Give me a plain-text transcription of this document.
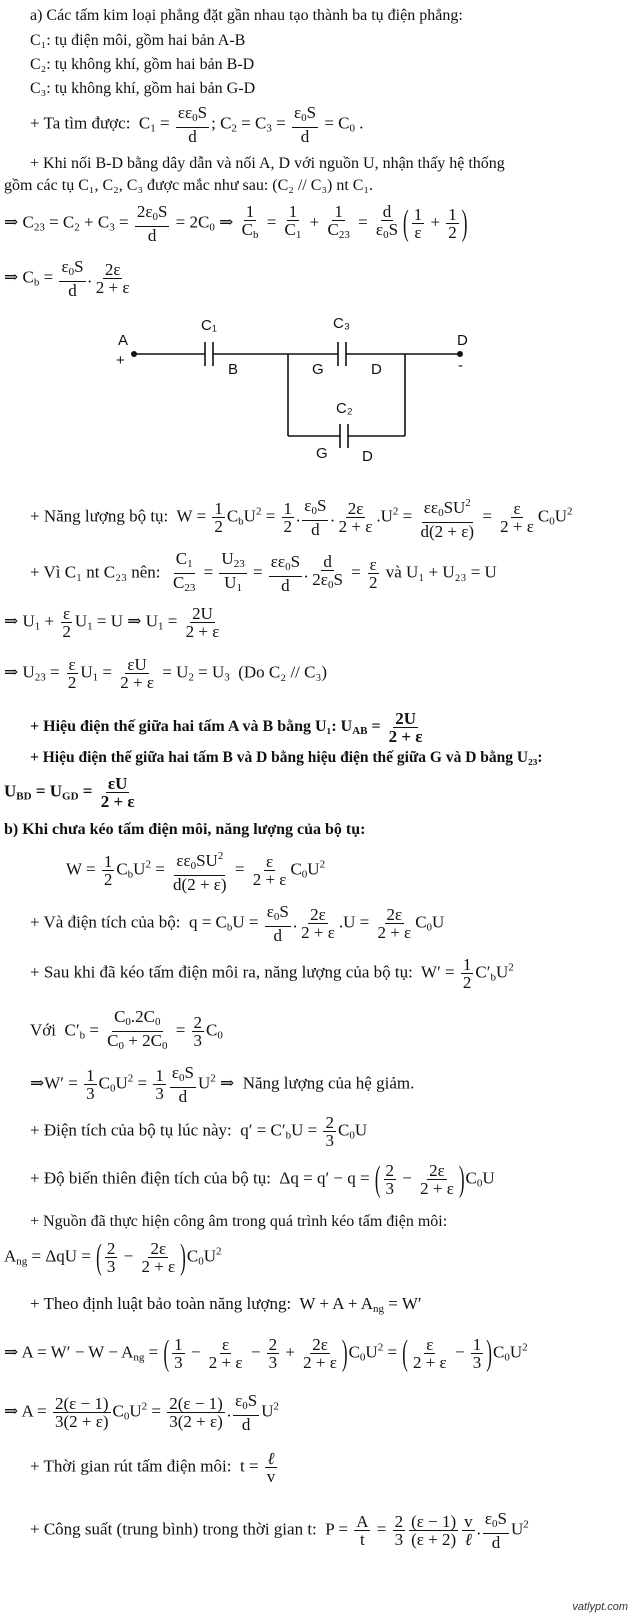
a) Các tấm kim loại phẳng đặt gần nhau tạo thành ba tụ điện phẳng:
C₁: tụ điện môi, gồm hai bản A-B
C₂: tụ không khí, gồm hai bản B-D
C₃: tụ không khí, gồm hai bản G-D
+ Ta tìm được:  $C_1 = \frac{\varepsilon\varepsilon_0S}{d}$ ; $C_2 = C_3 = \frac{\varepsilon_0S}{d} = C_0$ .
+ Khi nối B-D bằng dây dẫn và nối A, D với nguồn U, nhận thấy hệ thống
gồm các tụ C₁, C₂, C₃ được mắc như sau: (C₂ // C₃) nt C₁.
⇒ $C_{23} = C_2 + C_3 = \frac{2\varepsilon_0S}{d} = 2C_0$ ⇒ $\frac{1}{C_b} = \frac{1}{C_1} + \frac{1}{C_{23}} = \frac{d}{\varepsilon_0S}$ ( $\frac{1}{\varepsilon} + \frac{1}{2}$ )
⇒ $C_b = \frac{\varepsilon_0S}{d}$ . $\frac{2\varepsilon}{2 + \varepsilon}$
A
+
C₁
B
C₃
G	D
D
-
C₂
G D
+ Năng lượng bộ tụ:  $W = \frac{1}{2} C_bU^2 = \frac{1}{2}$ . $\frac{\varepsilon_0S}{d}$ . $\frac{2\varepsilon}{2 + \varepsilon} .U^2 = \frac{\varepsilon\varepsilon_0SU^2}{d(2 + \varepsilon)} = \frac{\varepsilon}{2 + \varepsilon} C_0U^2$
+ Vì C₁ nt C₂₃ nên: $\frac{C_1}{C_{23}} = \frac{U_{23}}{U_1} = \frac{\varepsilon\varepsilon_0S}{d}$ . $\frac{d}{2\varepsilon_0S} = \frac{\varepsilon}{2}$ và U₁ + U₂₃ = U
⇒ $U_1 + \frac{\varepsilon}{2} U_1 = U$ ⇒ $U_1 = \frac{2U}{2 + \varepsilon}$
⇒ $U_{23} = \frac{\varepsilon}{2} U_1 = \frac{\varepsilon U}{2 + \varepsilon} = U_2 = U_3$ (Do C₂ // C₃)
+ Hiệu điện thế giữa hai tấm A và B bằng U₁: $U_{AB} = \frac{2U}{2 + \varepsilon}$
+ Hiệu điện thế giữa hai tấm B và D bằng hiệu điện thế giữa G và D bằng U₂₃:
$U_{BD} = U_{GD} = \frac{\varepsilon U}{2 + \varepsilon}$
b) Khi chưa kéo tấm điện môi, năng lượng của bộ tụ:
$W = \frac{1}{2} C_bU^2 = \frac{\varepsilon\varepsilon_0SU^2}{d(2 + \varepsilon)} = \frac{\varepsilon}{2 + \varepsilon} C_0U^2$
+ Và điện tích của bộ:  $q = C_bU = \frac{\varepsilon_0S}{d}$ . $\frac{2\varepsilon}{2 + \varepsilon} .U = \frac{2\varepsilon}{2 + \varepsilon} C_0U$
+ Sau khi đã kéo tấm điện môi ra, năng lượng của bộ tụ:  $W' = \frac{1}{2} C'_bU^2$
Với  $C'_b = \frac{C_0.2C_0}{C_0 + 2C_0} = \frac{2}{3} C_0$
⇒W′ = $\frac{1}{3} C_0U^2 = \frac{1}{3} \frac{\varepsilon_0S}{d} U^2$ ⇒  Năng lượng của hệ giảm.
+ Điện tích của bộ tụ lúc này:  $q' = C'_bU = \frac{2}{3} C_0U$
+ Độ biến thiên điện tích của bộ tụ:  Δq = q′ − q = ( $\frac{2}{3} - \frac{2\varepsilon}{2 + \varepsilon} )C_0U$
+ Nguồn đã thực hiện công âm trong quá trình kéo tấm điện môi:
$A_{ng} = \Delta qU$ = ( $\frac{2}{3} - \frac{2\varepsilon}{2 + \varepsilon} )C_0U^2$
+ Theo định luật bảo toàn năng lượng:  $W + A + A_{ng} = W'$
⇒ $A = W' - W - A_{ng}$ = ( $\frac{1}{3} - \frac{\varepsilon}{2 + \varepsilon} - \frac{2}{3} + \frac{2\varepsilon}{2 + \varepsilon} )C_0U^2$ = ( $\frac{\varepsilon}{2 + \varepsilon} - \frac{1}{3} )C_0U^2$
⇒ $A = \frac{2(\varepsilon - 1)}{3(2 + \varepsilon)} C_0U^2 = \frac{2(\varepsilon - 1)}{3(2 + \varepsilon)}$ . $\frac{\varepsilon_0S}{d} U^2$
+ Thời gian rút tấm điện môi:  t = ℓ
v
+ Công suất (trung bình) trong thời gian t:  $P = \frac{A}{t} = \frac{2}{3} \frac{(\varepsilon - 1)}{(\varepsilon + 2)}$ v
ℓ
. $\frac{\varepsilon_0S}{d} U^2$
vatlypt.com
